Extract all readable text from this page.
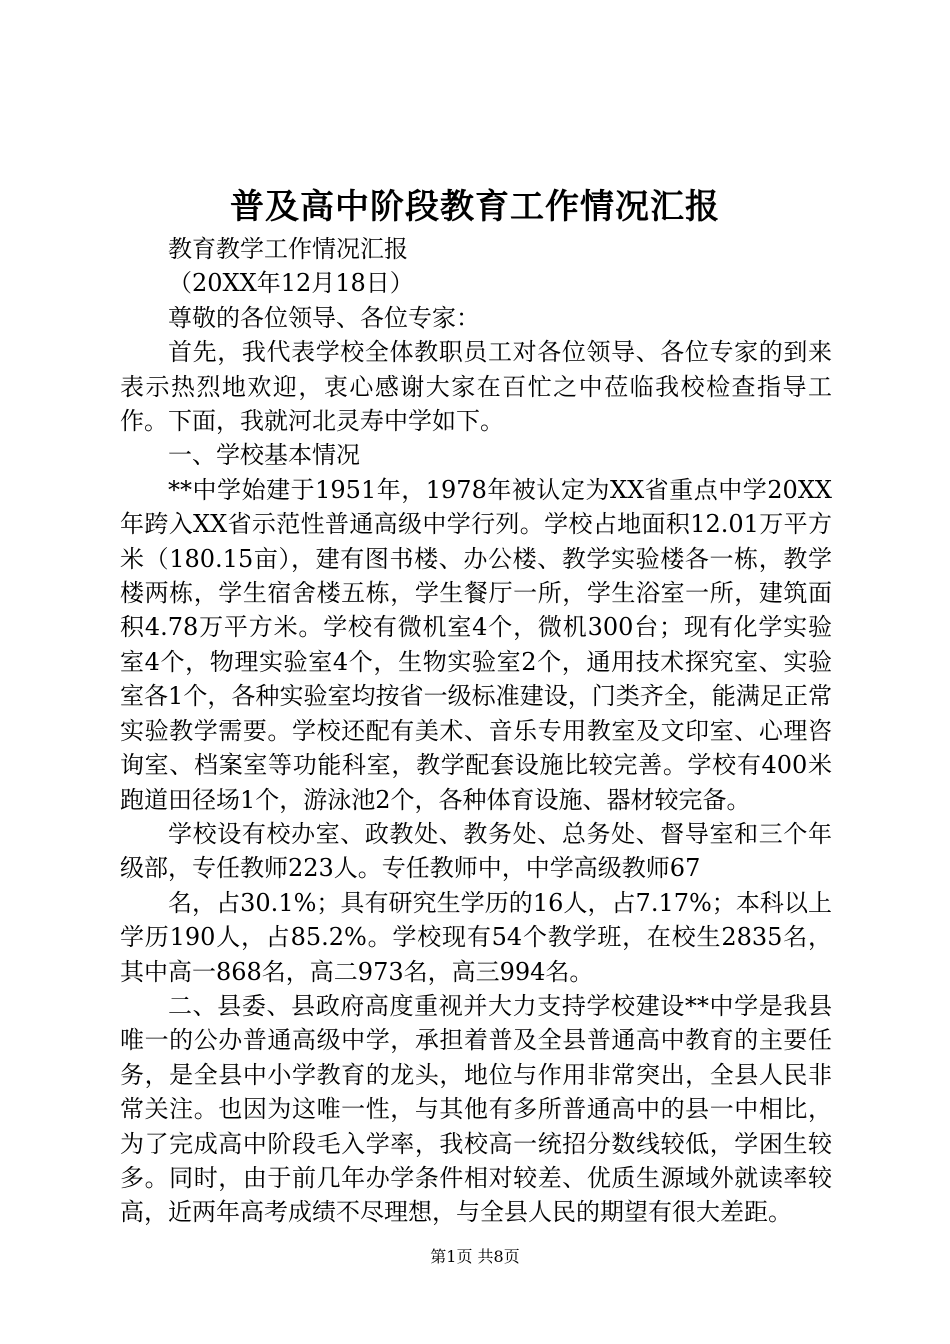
普及高中阶段教育工作情况汇报

教育教学工作情况汇报

（20XX年12月18日）

尊敬的各位领导、各位专家：

首先，我代表学校全体教职员工对各位领导、各位专家的到来表示热烈地欢迎，衷心感谢大家在百忙之中莅临我校检查指导工作。下面，我就河北灵寿中学如下。

一、学校基本情况

**中学始建于1951年，1978年被认定为XX省重点中学20XX年跨入XX省示范性普通高级中学行列。学校占地面积12.01万平方米（180.15亩），建有图书楼、办公楼、教学实验楼各一栋，教学楼两栋，学生宿舍楼五栋，学生餐厅一所，学生浴室一所，建筑面积4.78万平方米。学校有微机室4个，微机300台；现有化学实验室4个，物理实验室4个，生物实验室2个，通用技术探究室、实验室各1个，各种实验室均按省一级标准建设，门类齐全，能满足正常实验教学需要。学校还配有美术、音乐专用教室及文印室、心理咨询室、档案室等功能科室，教学配套设施比较完善。学校有400米跑道田径场1个，游泳池2个，各种体育设施、器材较完备。

学校设有校办室、政教处、教务处、总务处、督导室和三个年级部，专任教师223人。专任教师中，中学高级教师67

名，占30.1%；具有研究生学历的16人，占7.17%；本科以上学历190人，占85.2%。学校现有54个教学班，在校生2835名，其中高一868名，高二973名，高三994名。

二、县委、县政府高度重视并大力支持学校建设**中学是我县唯一的公办普通高级中学，承担着普及全县普通高中教育的主要任务，是全县中小学教育的龙头，地位与作用非常突出，全县人民非常关注。也因为这唯一性，与其他有多所普通高中的县一中相比，为了完成高中阶段毛入学率，我校高一统招分数线较低，学困生较多。同时，由于前几年办学条件相对较差、优质生源域外就读率较高，近两年高考成绩不尽理想，与全县人民的期望有很大差距。

第1页 共8页
